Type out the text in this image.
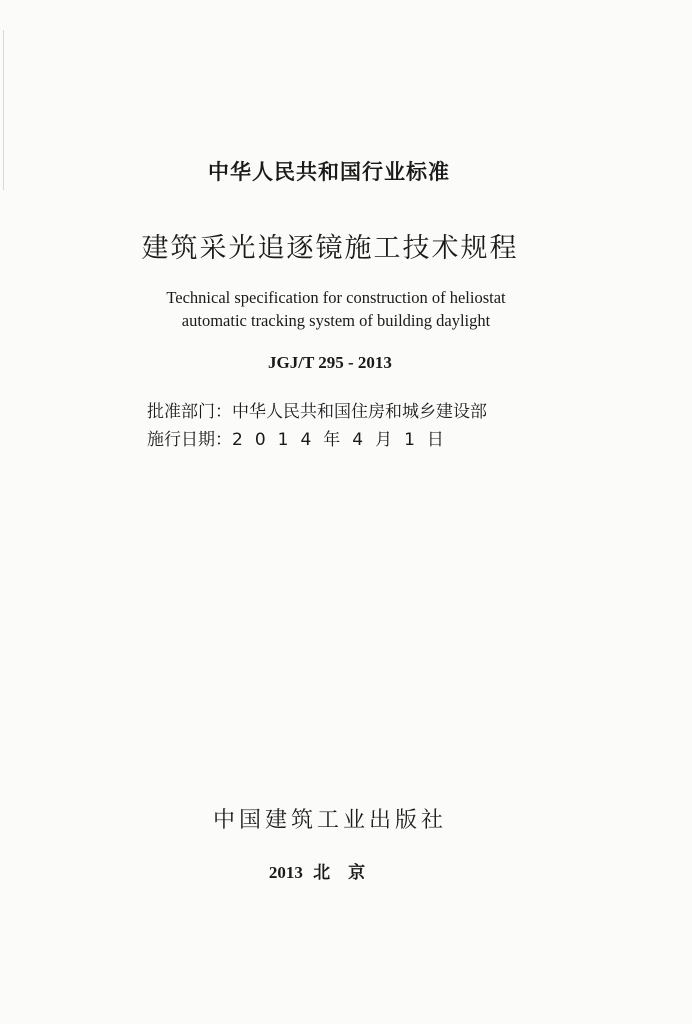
中华人民共和国行业标准
建筑采光追逐镜施工技术规程
Technical specification for construction of heliostat
automatic tracking system of building daylight
JGJ/T 295 - 2013
批准部门：中华人民共和国住房和城乡建设部
施行日期：2014年4月1日
中国建筑工业出版社
2013 北京
